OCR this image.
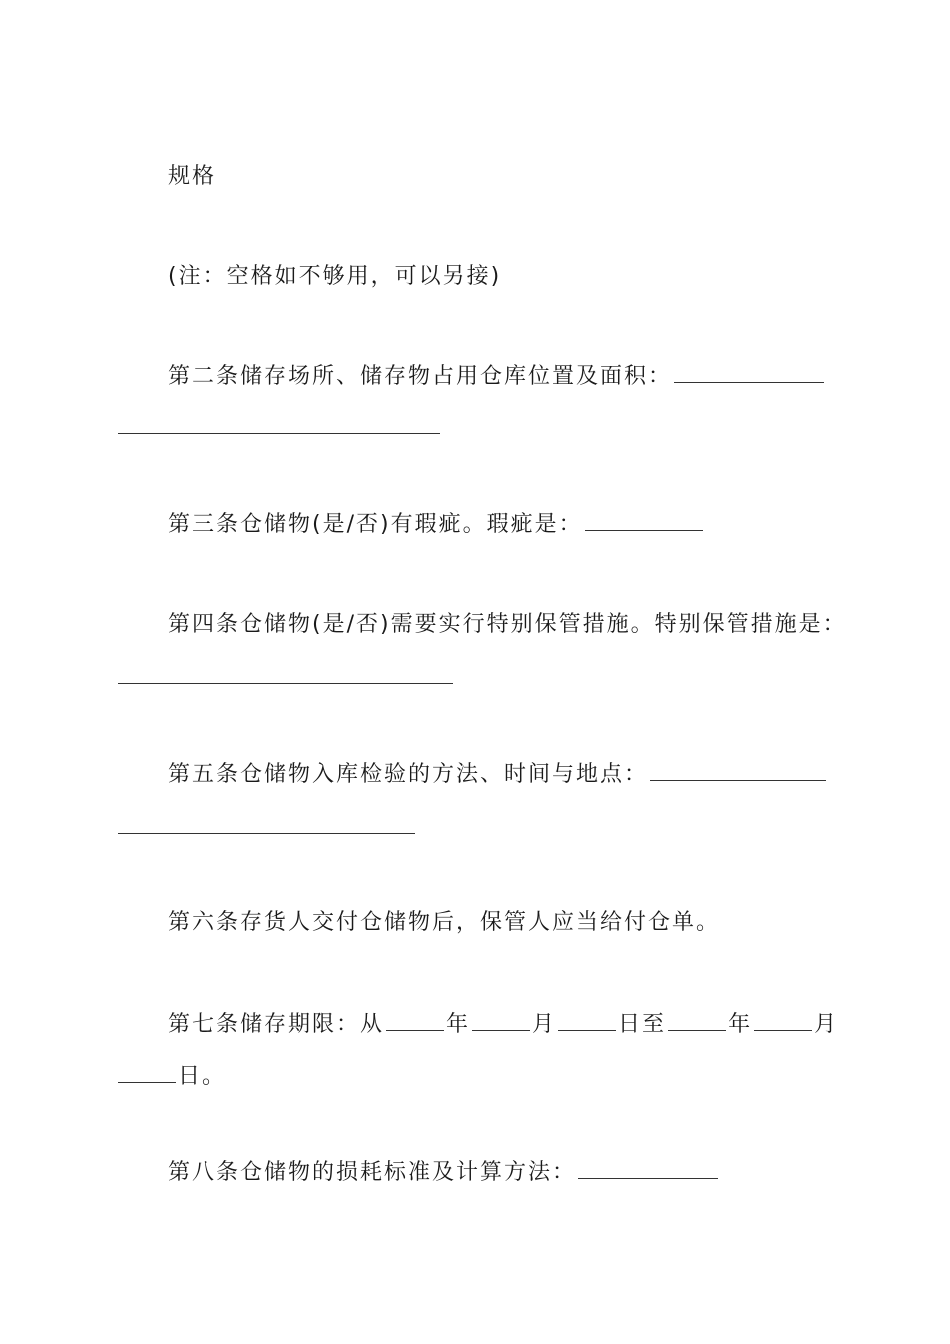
规格
(注：空格如不够用，可以另接)
第二条储存场所、储存物占用仓库位置及面积：
第三条仓储物(是/否)有瑕疵。瑕疵是：
第四条仓储物(是/否)需要实行特别保管措施。特别保管措施是：
第五条仓储物入库检验的方法、时间与地点：
第六条存货人交付仓储物后，保管人应当给付仓单。
第七条储存期限：从	年	月	日至	年	月
日。
第八条仓储物的损耗标准及计算方法：
